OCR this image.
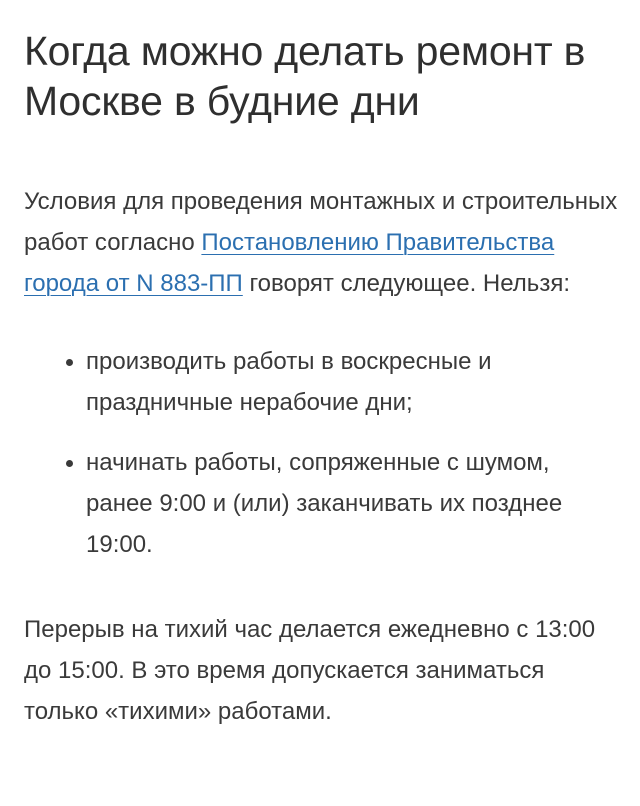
Когда можно делать ремонт в Москве в будние дни

Условия для проведения монтажных и строительных работ согласно Постановлению Правительства города от N 883-ПП говорят следующее. Нельзя:

производить работы в воскресные и праздничные нерабочие дни;
начинать работы, сопряженные с шумом, ранее 9:00 и (или) заканчивать их позднее 19:00.

Перерыв на тихий час делается ежедневно с 13:00 до 15:00. В это время допускается заниматься только «тихими» работами.
